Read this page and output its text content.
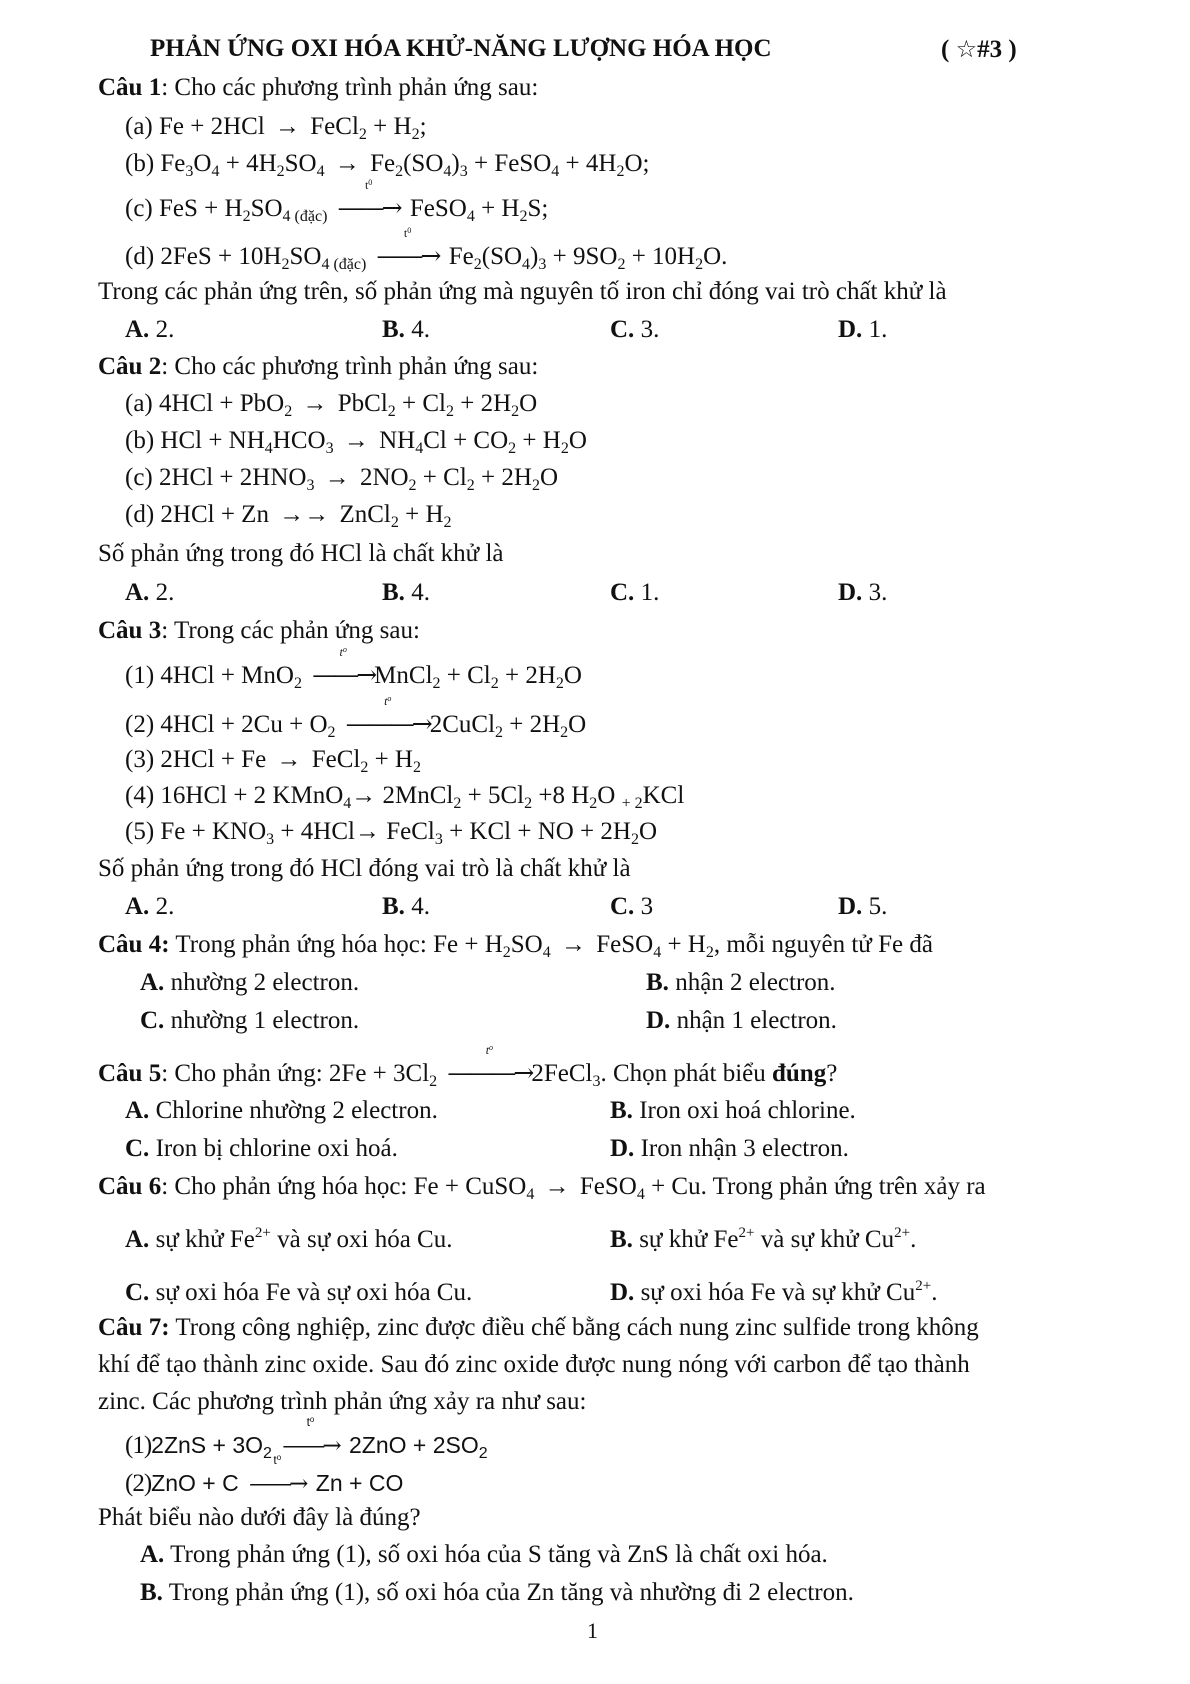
PHẢN ỨNG OXI HÓA KHỬ-NĂNG LƯỢNG HÓA HỌC	( ☆#3 )
Câu 1: Cho các phương trình phản ứng sau:
(a) Fe + 2HCl → FeCl$_2$ + $H_2$;
(b) $Fe_3O_4 + 4H_2SO_4 \to Fe_2(SO_4)_3$ + FeSO$_4$ + $4H_2O$;
(c) FeS + $H_2SO_{4 (đặc)}$
$t^0$
——→ FeSO$_4$ + $H_2S$;
(d) $2FeS + 10H_2SO_{4 (đặc)}$
$t^0$
——→ $Fe_2(SO_4)_3 + 9SO_2 + 10H_2O$.
Trong các phản ứng trên, số phản ứng mà nguyên tố iron chỉ đóng vai trò chất khử là
A. 2.	B. 4.	C. 3.	D. 1.
Câu 2: Cho các phương trình phản ứng sau:
(a) 4HCl + PbO$_2$ → PbCl$_2$ + $Cl_2 + 2H_2O$
(b) HCl + $NH_4HCO_3 \to NH_4Cl + CO_2 + H_2O$
(c) $2HCl + 2HNO_3 \to 2NO_2 + Cl_2 + 2H_2O$
(d) 2HCl + Zn →→ ZnCl$_2$ + $H_2$
Số phản ứng trong đó HCl là chất khử là
A. 2.	B. 4.	C. 1.	D. 3.
Câu 3: Trong các phản ứng sau:
(1) 4HCl + MnO$_2$
$t^o$
——→MnCl$_2$ + $Cl_2 + 2H_2O$
(2) $4HCl + 2Cu + O_2$
$t^o$
———→2CuCl$_2$ + $2H_2O$
(3) 2HCl + Fe → FeCl$_2$ + $H_2$
(4) 16HCl + 2 KMnO$_4$→ 2MnCl$_2$ + $5Cl_2 +8$ $H_2O$ $_{+ 2}$KCl
(5) $Fe + KNO_3 + 4HCl\to$ FeCl$_3$ + KCl + NO + $2H_2O$
Số phản ứng trong đó HCl đóng vai trò là chất khử là
A. 2.	B. 4.	C. 3	D. 5.
Câu 4: Trong phản ứng hóa học: $Fe + H_2SO_4$ → FeSO$_4$ + $H_2$, mỗi nguyên tử Fe đã
A. nhường 2 electron.	B. nhận 2 electron.
C. nhường 1 electron.	D. nhận 1 electron.
Câu 5: Cho phản ứng: $2Fe + 3Cl_2$
$t^o$
———→2FeCl$_3$. Chọn phát biểu đúng?
A. Chlorine nhường 2 electron.	B. Iron oxi hoá chlorine.
C. Iron bị chlorine oxi hoá.	D. Iron nhận 3 electron.
Câu 6: Cho phản ứng hóa học: Fe + CuSO$_4$ → FeSO$_4$ + Cu. Trong phản ứng trên xảy ra
A. sự khử $Fe^{2+}$ và sự oxi hóa Cu.	B. sự khử $Fe^{2+}$ và sự khử $Cu^{2+}$.
C. sự oxi hóa Fe và sự oxi hóa Cu.	D. sự oxi hóa Fe và sự khử $Cu^{2+}$.
Câu 7: Trong công nghiệp, zinc được điều chế bằng cách nung zinc sulfide trong không
khí để tạo thành zinc oxide. Sau đó zinc oxide được nung nóng với carbon để tạo thành
zinc. Các phương trình phản ứng xảy ra như sau:
$(1)2ZnS + 3O_2$
$t^o$
——→ $2ZnO + 2SO_2$
(2)ZnO + C
$t^o$
——→ Zn + CO
Phát biểu nào dưới đây là đúng?
A. Trong phản ứng (1), số oxi hóa của S tăng và ZnS là chất oxi hóa.
B. Trong phản ứng (1), số oxi hóa của Zn tăng và nhường đi 2 electron.
1
